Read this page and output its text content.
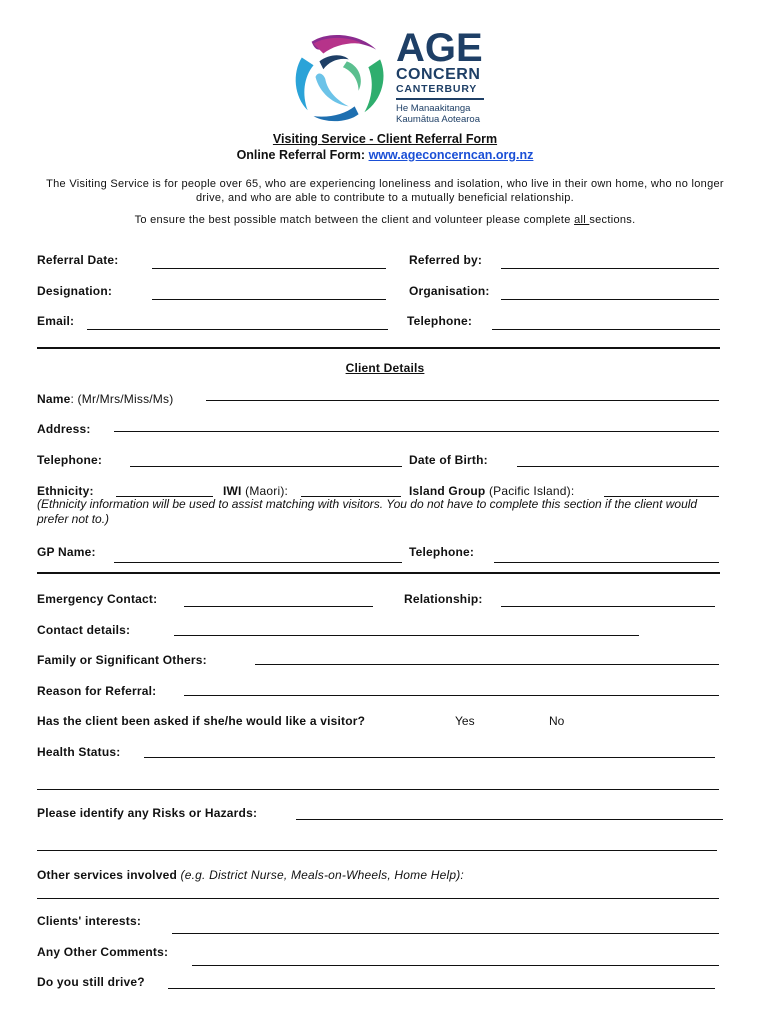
AGE
CONCERN
CANTERBURY
He Manaakitanga
Kaumātua Aotearoa
Visiting Service - Client Referral Form
Online Referral Form: www.ageconcerncan.org.nz
The Visiting Service is for people over 65, who are experiencing loneliness and isolation, who live in their own home, who no longer drive, and who are able to contribute to a mutually beneficial relationship.
To ensure the best possible match between the client and volunteer please complete all sections.
Referral Date:	Referred by:
Designation:	Organisation:
Email:	Telephone:
Client Details
Name: (Mr/Mrs/Miss/Ms)
Address:
Telephone:	Date of Birth:
Ethnicity:	IWI (Maori):	Island Group (Pacific Island):
(Ethnicity information will be used to assist matching with visitors. You do not have to complete this section if the client would prefer not to.)
GP Name:	Telephone:
Emergency Contact:	Relationship:
Contact details:
Family or Significant Others:
Reason for Referral:
Has the client been asked if she/he would like a visitor?	Yes	No
Health Status:
Please identify any Risks or Hazards:
Other services involved (e.g. District Nurse, Meals-on-Wheels, Home Help):
Clients' interests:
Any Other Comments:
Do you still drive?
